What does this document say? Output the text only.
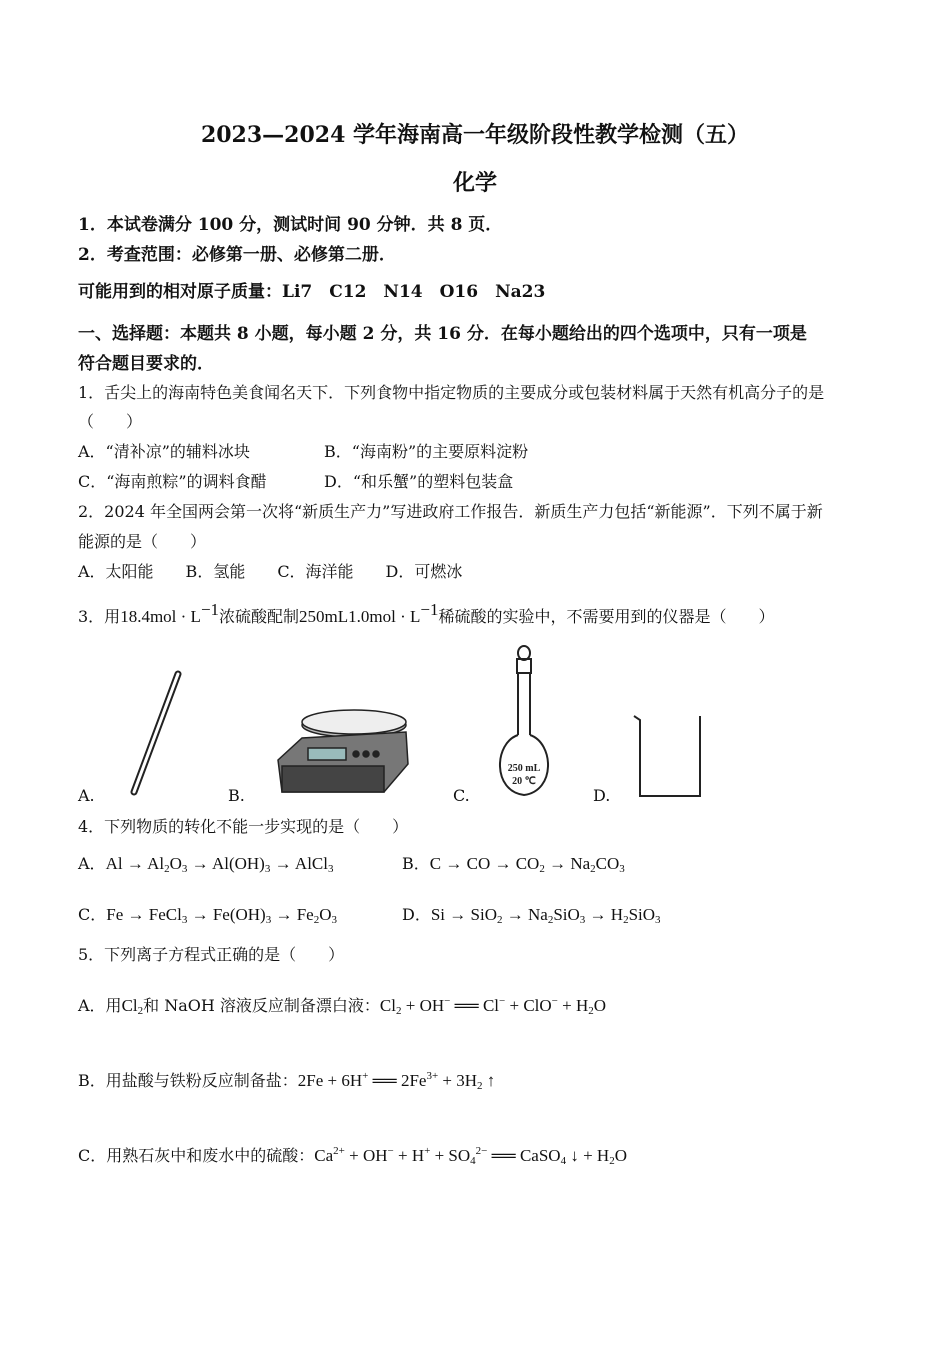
2023—2024 学年海南高一年级阶段性教学检测（五）
化学
1．本试卷满分 100 分，测试时间 90 分钟．共 8 页．
2．考查范围：必修第一册、必修第二册．
可能用到的相对原子质量：Li7　C12　N14　O16　Na23
一、选择题：本题共 8 小题，每小题 2 分，共 16 分．在每小题给出的四个选项中，只有一项是
符合题目要求的．
1．舌尖上的海南特色美食闻名天下．下列食物中指定物质的主要成分或包装材料属于天然有机高分子的是
（　　）
A．“清补凉”的辅料冰块	B．“海南粉”的主要原料淀粉
C．“海南煎粽”的调料食醋	D．“和乐蟹”的塑料包装盒
2．2024 年全国两会第一次将“新质生产力”写进政府工作报告．新质生产力包括“新能源”．下列不属于新
能源的是（　　）
A．太阳能　　B．氢能　　C．海洋能　　D．可燃冰
3．用$18.4mol \cdot L^{-1}$浓硫酸配制$250mL1.0mol \cdot L^{-1}$稀硫酸的实验中，不需要用到的仪器是（　　）
250 mL
20 ℃
A.	B.	C.	D.
4．下列物质的转化不能一步实现的是（　　）
A．$Al \to Al_2O_3 \to Al(OH)_3$ → AlCl$_3$	B．C → CO → $CO_2 \to Na_2CO_3$
C．Fe → FeCl$_3$ → $Fe(OH)_3 \to Fe_2O_3$	D．$Si \to SiO_2 \to Na_2SiO_3 \to H_2SiO_3$
5．下列离子方程式正确的是（　　）
A．用$Cl_2$和 NaOH 溶液反应制备漂白液：$Cl_2 + OH^-$ ══ $Cl^- + ClO^- + H_2O$
B．用盐酸与铁粉反应制备盐：2Fe + 6H+ ══ $2Fe^{3+} + 3H_2$ ↑
C．用熟石灰中和废水中的硫酸：$Ca^{2+} + OH^- + H^+ + SO_4^{2-}$ ══ CaSO$_4$ ↓ + $H_2O$
